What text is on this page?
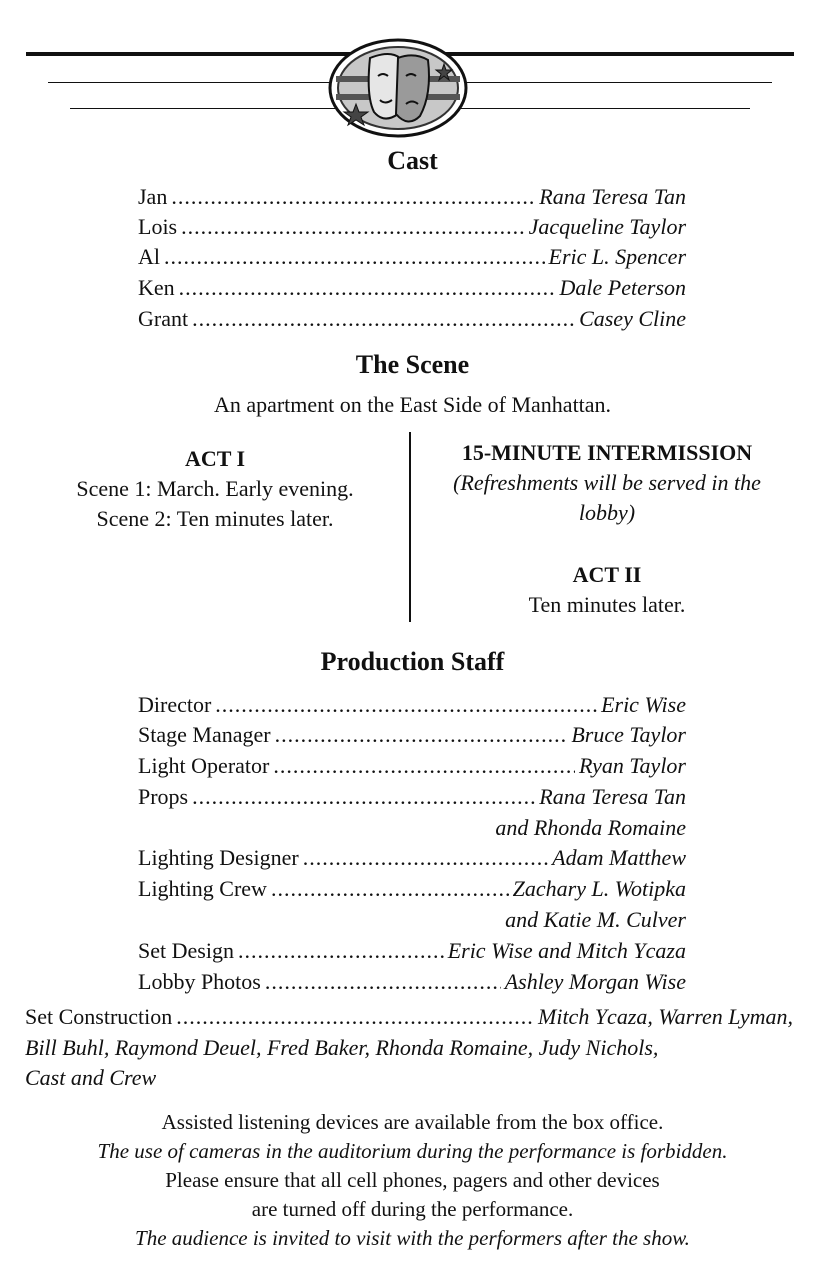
Cast
Jan .....	Rana Teresa Tan
Lois .....	Jacqueline Taylor
Al .....	Eric L. Spencer
Ken .....	Dale Peterson
Grant .....	Casey Cline
The Scene
An apartment on the East Side of Manhattan.
ACT I
Scene 1: March. Early evening.
Scene 2: Ten minutes later.
15-MINUTE INTERMISSION
(Refreshments will be served in the
lobby)
ACT II
Ten minutes later.
Production Staff
Director .....	Eric Wise
Stage Manager .....	Bruce Taylor
Light Operator .....	Ryan Taylor
Props .....	Rana Teresa Tan
and Rhonda Romaine
Lighting Designer .....	Adam Matthew
Lighting Crew .....	Zachary L. Wotipka
and Katie M. Culver
Set Design .....	Eric Wise and Mitch Ycaza
Lobby Photos .....	Ashley Morgan Wise
Set Construction .....	Mitch Ycaza, Warren Lyman,
Bill Buhl, Raymond Deuel, Fred Baker, Rhonda Romaine, Judy Nichols,
Cast and Crew
Assisted listening devices are available from the box office.
The use of cameras in the auditorium during the performance is forbidden.
Please ensure that all cell phones, pagers and other devices
are turned off during the performance.
The audience is invited to visit with the performers after the show.
